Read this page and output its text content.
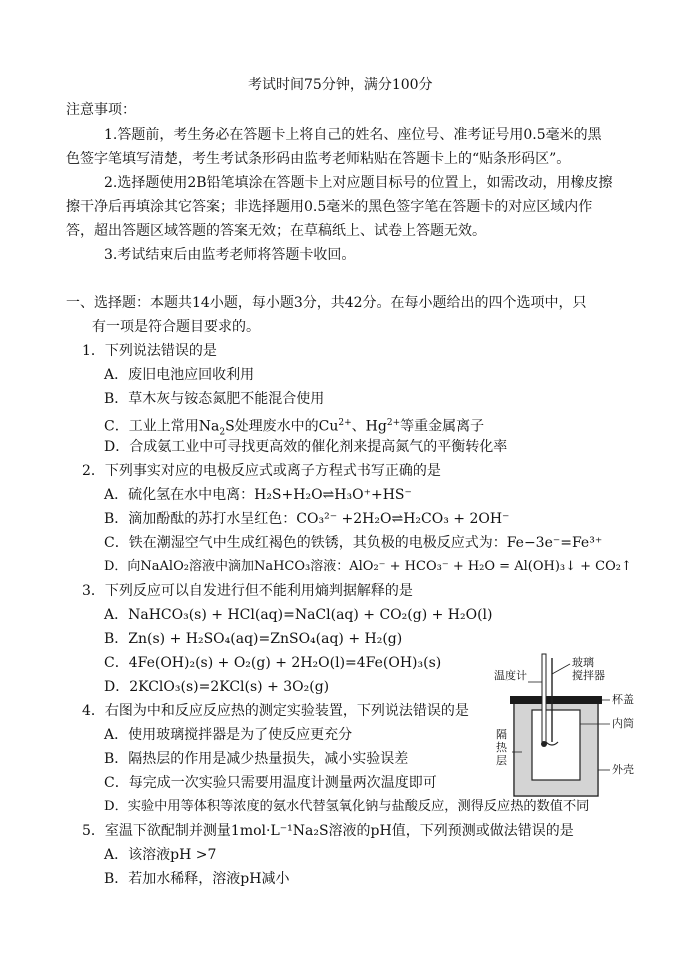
考试时间75分钟，满分100分
注意事项：
1.答题前，考生务必在答题卡上将自己的姓名、座位号、准考证号用0.5毫米的黑
色签字笔填写清楚，考生考试条形码由监考老师粘贴在答题卡上的“贴条形码区”。
2.选择题使用2B铅笔填涂在答题卡上对应题目标号的位置上，如需改动，用橡皮擦
擦干净后再填涂其它答案；非选择题用0.5毫米的黑色签字笔在答题卡的对应区域内作
答，超出答题区域答题的答案无效；在草稿纸上、试卷上答题无效。
3.考试结束后由监考老师将答题卡收回。
一、选择题：本题共14小题，每小题3分，共42分。在每小题给出的四个选项中，只
有一项是符合题目要求的。
1．下列说法错误的是
A．废旧电池应回收利用
B．草木灰与铵态氮肥不能混合使用
C．工业上常用$Na_2S$处理废水中的$Cu^{2+}$、$Hg^{2+}$等重金属离子
D．合成氨工业中可寻找更高效的催化剂来提高氮气的平衡转化率
2．下列事实对应的电极反应式或离子方程式书写正确的是
A．硫化氢在水中电离：H₂S+H₂O⇌H₃O⁺+HS⁻
B．滴加酚酞的苏打水呈红色：CO₃²⁻ +2H₂O⇌H₂CO₃ + 2OH⁻
C．铁在潮湿空气中生成红褐色的铁锈，其负极的电极反应式为：Fe−3e⁻=Fe³⁺
D．向NaAlO₂溶液中滴加NaHCO₃溶液：AlO₂⁻ + HCO₃⁻ + H₂O = Al(OH)₃↓ + CO₂↑
3．下列反应可以自发进行但不能利用熵判据解释的是
A．NaHCO₃(s) + HCl(aq)=NaCl(aq) + CO₂(g) + H₂O(l)
B．Zn(s) + H₂SO₄(aq)=ZnSO₄(aq) + H₂(g)
C．4Fe(OH)₂(s) + O₂(g) + 2H₂O(l)=4Fe(OH)₃(s)
D．2KClO₃(s)=2KCl(s) + 3O₂(g)
4．右图为中和反应反应热的测定实验装置，下列说法错误的是
A．使用玻璃搅拌器是为了使反应更充分
B．隔热层的作用是减少热量损失，减小实验误差
C．每完成一次实验只需要用温度计测量两次温度即可
D．实验中用等体积等浓度的氨水代替氢氧化钠与盐酸反应，测得反应热的数值不同
5．室温下欲配制并测量1mol·L⁻¹Na₂S溶液的pH值，下列预测或做法错误的是
A．该溶液pH >7
B．若加水稀释，溶液pH减小
温度计
玻璃
搅拌器
杯盖
内筒
外壳
隔
热
层
